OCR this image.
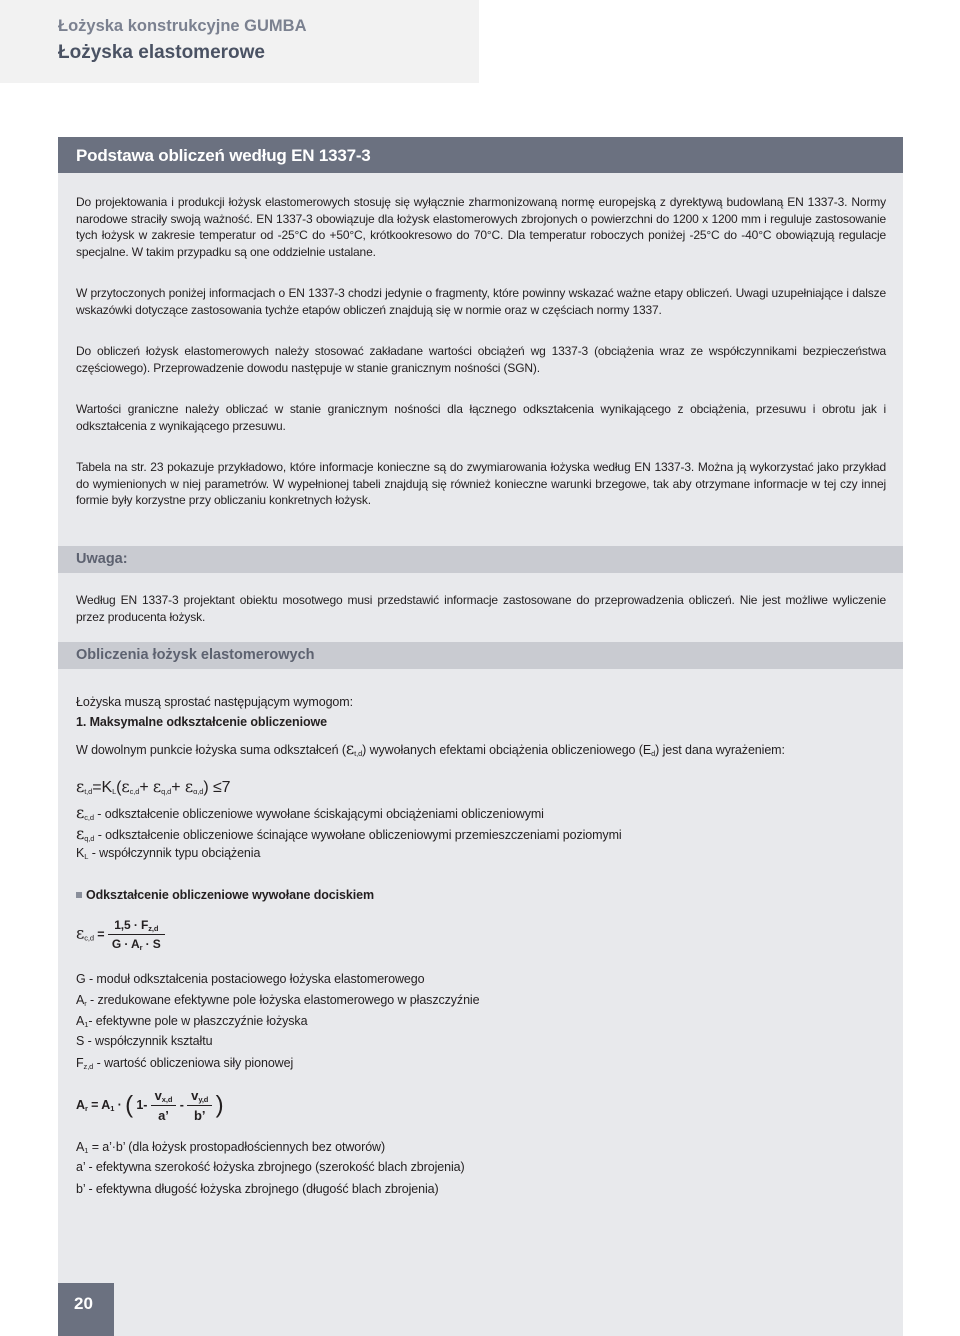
Łożyska konstrukcyjne GUMBA
Łożyska elastomerowe
Podstawa obliczeń według EN 1337-3
Do projektowania i produkcji łożysk elastomerowych stosuję się wyłącznie zharmonizowaną normę europejską z dyrektywą budowlaną EN 1337-3. Normy narodowe straciły swoją ważność. EN 1337-3 obowiązuje dla łożysk elastomerowych zbrojonych o powierzchni do 1200 x 1200 mm i reguluje zastosowanie tych łożysk w zakresie temperatur od -25°C do +50°C, krótkookresowo do 70°C. Dla temperatur roboczych poniżej -25°C do -40°C obowiązują regulacje specjalne. W takim przypadku są one oddzielnie ustalane.
W przytoczonych poniżej informacjach o EN 1337-3 chodzi jedynie o fragmenty, które powinny wskazać ważne etapy obliczeń. Uwagi uzupełniające i dalsze wskazówki dotyczące zastosowania tychże etapów obliczeń znajdują się w normie oraz w częściach normy 1337.
Do obliczeń łożysk elastomerowych należy stosować zakładane wartości obciążeń wg 1337-3 (obciążenia wraz ze współczynnikami bezpieczeństwa częściowego). Przeprowadzenie dowodu następuje w stanie granicznym nośności (SGN).
Wartości graniczne należy obliczać w stanie granicznym nośności dla łącznego odkształcenia wynikającego z obciążenia, przesuwu i obrotu jak i odkształcenia z wynikającego przesuwu.
Tabela na str. 23 pokazuje przykładowo, które informacje konieczne są do zwymiarowania łożyska według EN 1337-3. Można ją wykorzystać jako przykład do wymienionych w niej parametrów. W wypełnionej tabeli znajdują się również konieczne warunki brzegowe, tak aby otrzymane informacje w tej czy innej formie były korzystne przy obliczaniu konkretnych łożysk.
Uwaga:
Według EN 1337-3 projektant obiektu mosotwego musi przedstawić informacje zastosowane do przeprowadzenia obliczeń. Nie jest możliwe wyliczenie przez producenta łożysk.
Obliczenia łożysk elastomerowych
Łożyska muszą sprostać następującym wymogom:
1. Maksymalne odkształcenie obliczeniowe
W dowolnym punkcie łożyska suma odkształceń $(\varepsilon_{t,d})$ wywołanych efektami obciążenia obliczeniowego $(E_d)$ jest dana wyrażeniem:
$\varepsilon_{t,d}=K_L(\varepsilon_{c,d}+ \varepsilon_{q,d}+ \varepsilon_{\alpha,d}) \le 7$
$\varepsilon_{c,d}$ - odkształcenie obliczeniowe wywołane ściskającymi obciążeniami obliczeniowymi
$\varepsilon_{q,d}$ - odkształcenie obliczeniowe ścinające wywołane obliczeniowymi przemieszczeniami poziomymi
$K_L$ - współczynnik typu obciążenia
Odkształcenie obliczeniowe wywołane dociskiem
$\varepsilon_{c,d} = \frac{1,5 \cdot F_{z,d}}{G \cdot A_r \cdot S}$
G - moduł odkształcenia postaciowego łożyska elastomerowego
$A_r$ - zredukowane efektywne pole łożyska elastomerowego w płaszczyźnie
$A_1-$ efektywne pole w płaszczyźnie łożyska
S - współczynnik kształtu
$F_{z,d}$ - wartość obliczeniowa siły pionowej
$A_r = A_1$ · ( $1- \frac{v_{x,d}}{a’} - \frac{v_{y,d}}{b’}$ )
$A_1$ = a’·b’ (dla łożysk prostopadłościennych bez otworów)
a’ - efektywna szerokość łożyska zbrojnego (szerokość blach zbrojenia)
b’ - efektywna długość łożyska zbrojnego (długość blach zbrojenia)
20
